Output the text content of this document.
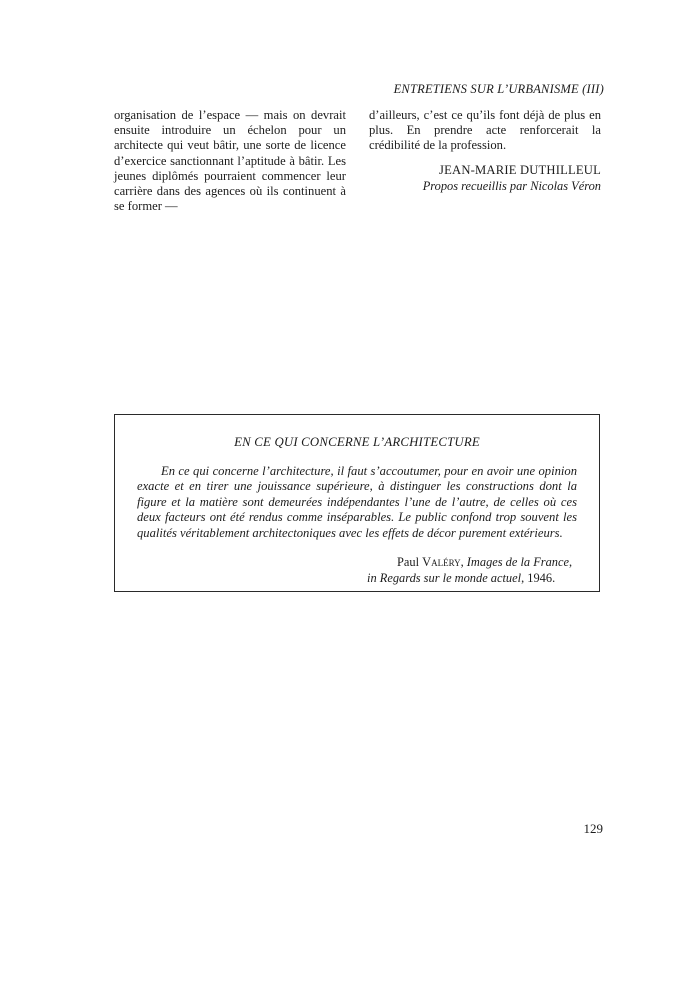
ENTRETIENS SUR L’URBANISME (III)

organisation de l’espace — mais on devrait ensuite introduire un échelon pour un architecte qui veut bâtir, une sorte de licence d’exercice sanctionnant l’aptitude à bâtir. Les jeunes diplômés pourraient commencer leur carrière dans des agences où ils continuent à se former —

d’ailleurs, c’est ce qu’ils font déjà de plus en plus. En prendre acte renforcerait la crédibilité de la profession.

JEAN-MARIE DUTHILLEUL
Propos recueillis par Nicolas Véron
EN CE QUI CONCERNE L’ARCHITECTURE

En ce qui concerne l’architecture, il faut s’accoutumer, pour en avoir une opinion exacte et en tirer une jouissance supérieure, à distinguer les constructions dont la figure et la matière sont demeurées indépendantes l’une de l’autre, de celles où ces deux facteurs ont été rendus comme inséparables. Le public confond trop souvent les qualités véritablement architectoniques avec les effets de décor purement extérieurs.

Paul Valéry, Images de la France,
in Regards sur le monde actuel, 1946.
129
